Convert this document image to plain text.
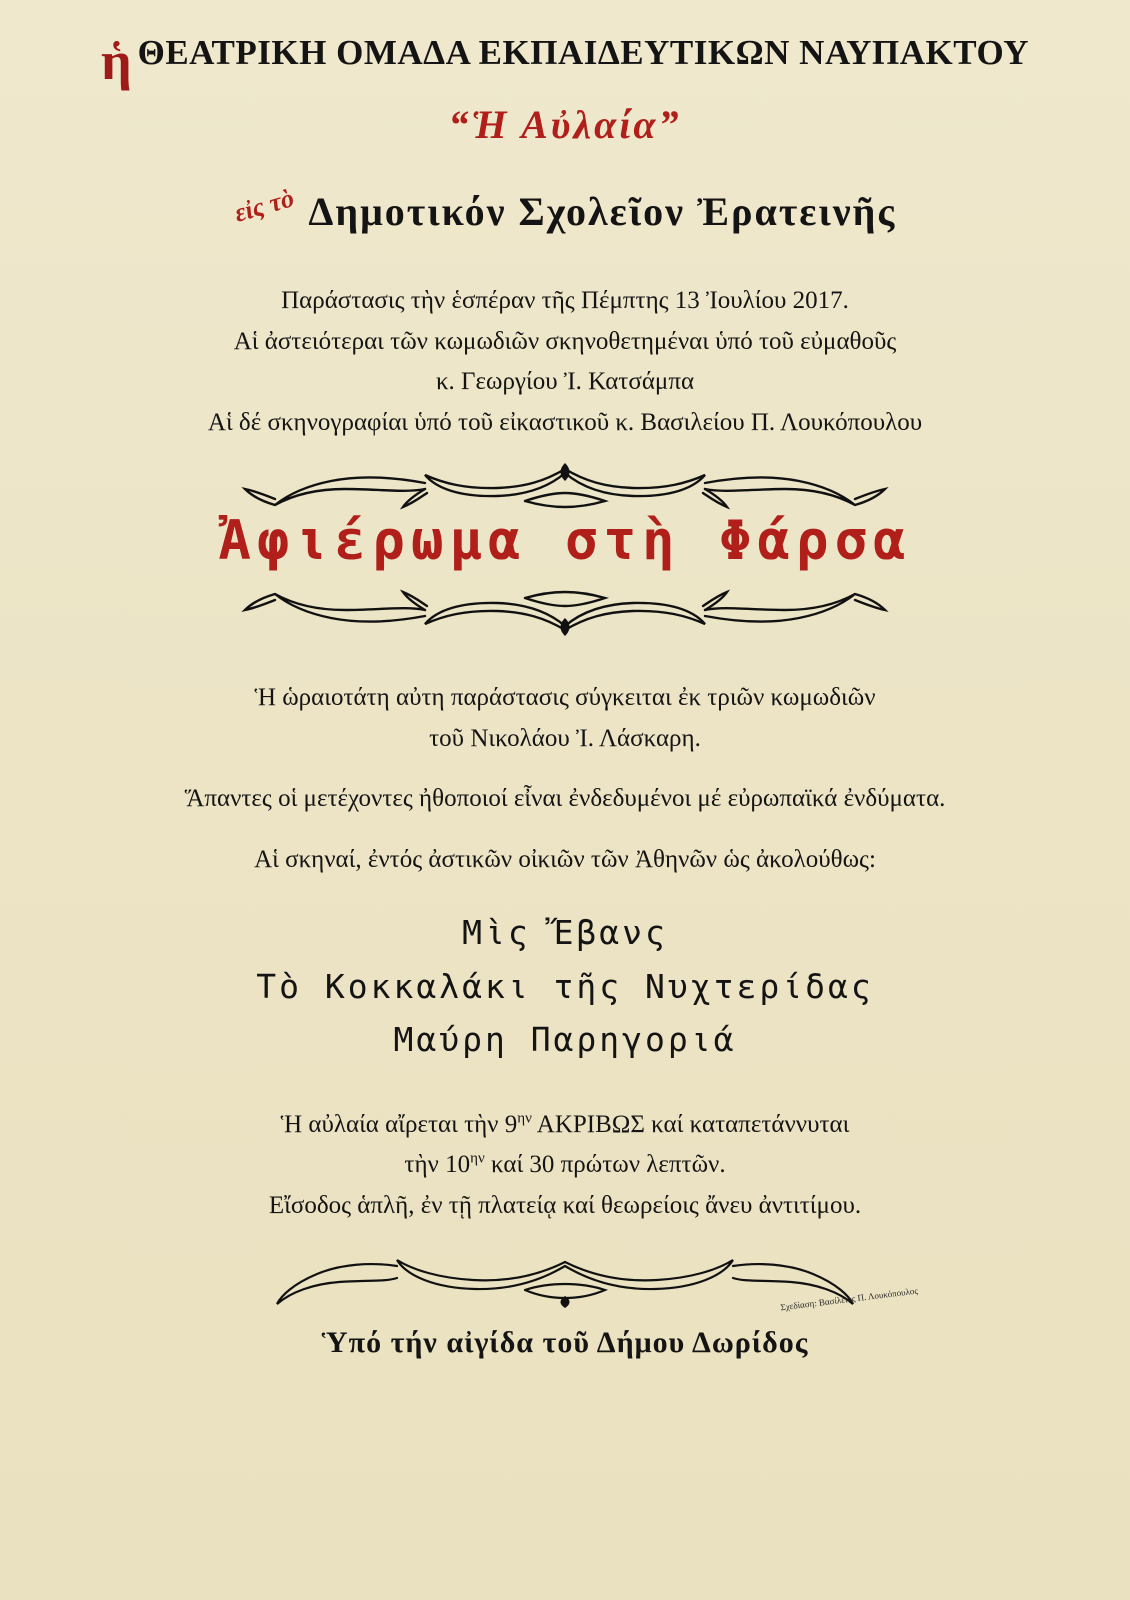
ἡ ΘΕΑΤΡΙΚΗ ΟΜΑΔΑ ΕΚΠΑΙΔΕΥΤΙΚΩΝ ΝΑΥΠΑΚΤΟΥ
“Ἡ Αὐλαία”
εἰς τὸ Δημοτικόν Σχολεῖον Ἐρατεινῆς
Παράστασις τὴν ἑσπέραν τῆς Πέμπτης 13 Ἰουλίου 2017.
Αἱ ἀστειότεραι τῶν κωμωδιῶν σκηνοθετημέναι ὑπό τοῦ εὐμαθοῦς
κ. Γεωργίου Ἰ. Κατσάμπα
Αἱ δέ σκηνογραφίαι ὑπό τοῦ εἰκαστικοῦ κ. Βασιλείου Π. Λουκόπουλου
Ἀφιέρωμα στὴ Φάρσα
Ἡ ὡραιοτάτη αὐτη παράστασις σύγκειται ἐκ τριῶν κωμωδιῶν
τοῦ Νικολάου Ἰ. Λάσκαρη.
Ἅπαντες οἱ μετέχοντες ἠθοποιοί εἶναι ἐνδεδυμένοι μέ εὐρωπαϊκά ἐνδύματα.
Αἱ σκηναί, ἐντός ἀστικῶν οἰκιῶν τῶν Ἀθηνῶν ὡς ἀκολούθως:
Μὶς Ἔβανς
Τὸ Κοκκαλάκι τῆς Νυχτερίδας
Μαύρη Παρηγοριά
Ἡ αὐλαία αἴρεται τὴν $9^{\eta\nu}$ ΑΚΡΙΒΩΣ καί καταπετάννυται
τὴν $10^{\eta\nu}$ καί 30 πρώτων λεπτῶν.
Εἴσοδος ἁπλῆ, ἐν τῇ πλατείᾳ καί θεωρείοις ἄνευ ἀντιτίμου.
Σχεδίαση: Βασίλειος Π. Λουκόπουλος
Ὑπό τήν αἰγίδα τοῦ Δήμου Δωρίδος
